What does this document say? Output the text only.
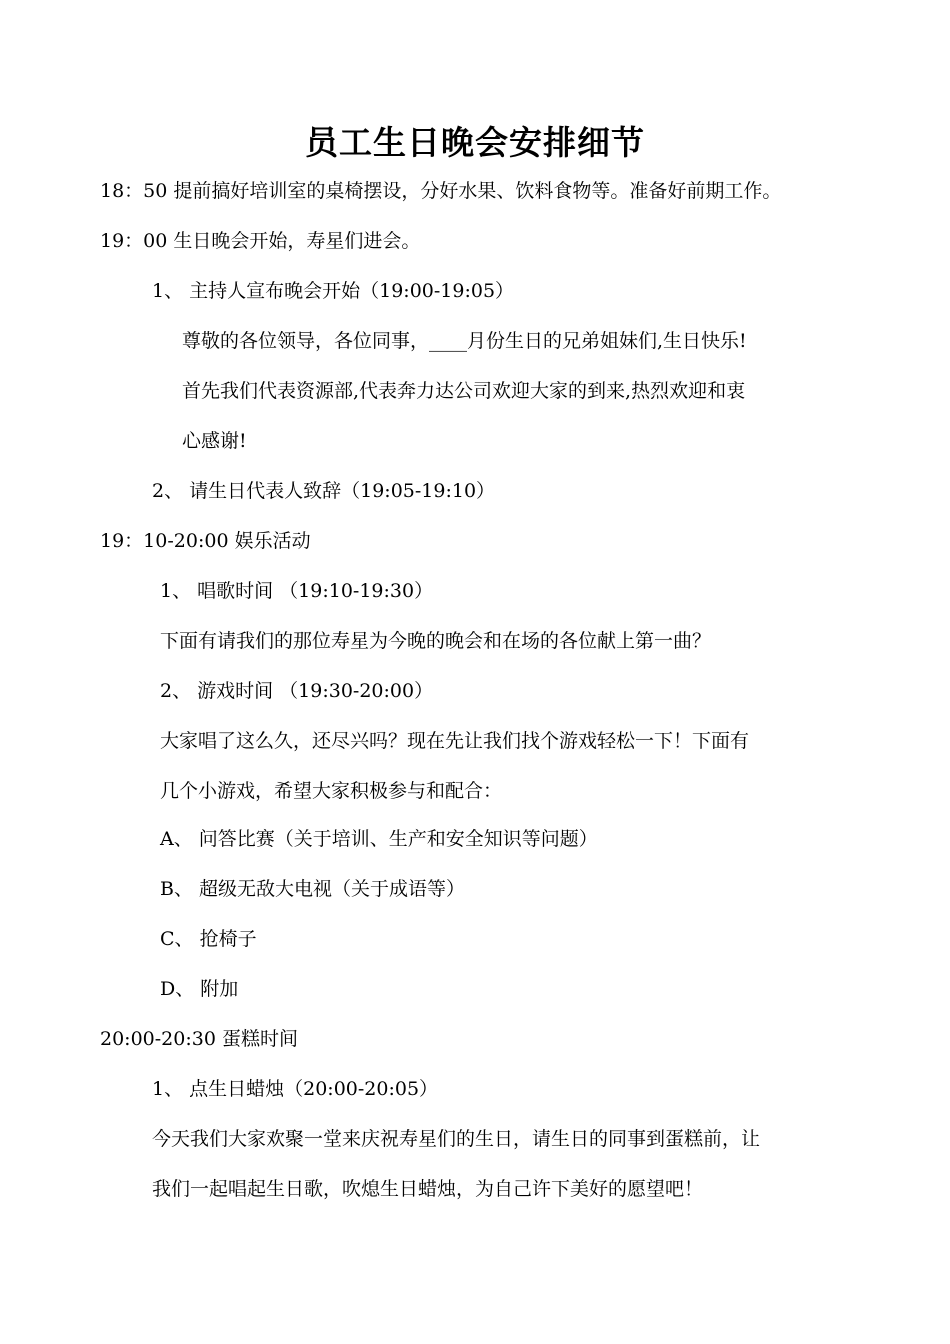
员工生日晚会安排细节
18：50 提前搞好培训室的桌椅摆设，分好水果、饮料食物等。准备好前期工作。
19：00 生日晚会开始，寿星们进会。
1、 主持人宣布晚会开始（19:00-19:05）
尊敬的各位领导，各位同事，____月份生日的兄弟姐妹们,生日快乐!
首先我们代表资源部,代表奔力达公司欢迎大家的到来,热烈欢迎和衷
心感谢!
2、 请生日代表人致辞（19:05-19:10）
19：10-20:00 娱乐活动
1、 唱歌时间 （19:10-19:30）
下面有请我们的那位寿星为今晚的晚会和在场的各位献上第一曲？
2、 游戏时间 （19:30-20:00）
大家唱了这么久，还尽兴吗？现在先让我们找个游戏轻松一下！下面有
几个小游戏，希望大家积极参与和配合：
A、 问答比赛（关于培训、生产和安全知识等问题）
B、 超级无敌大电视（关于成语等）
C、 抢椅子
D、 附加
20:00-20:30 蛋糕时间
1、 点生日蜡烛（20:00-20:05）
今天我们大家欢聚一堂来庆祝寿星们的生日，请生日的同事到蛋糕前，让
我们一起唱起生日歌，吹熄生日蜡烛，为自己许下美好的愿望吧！
